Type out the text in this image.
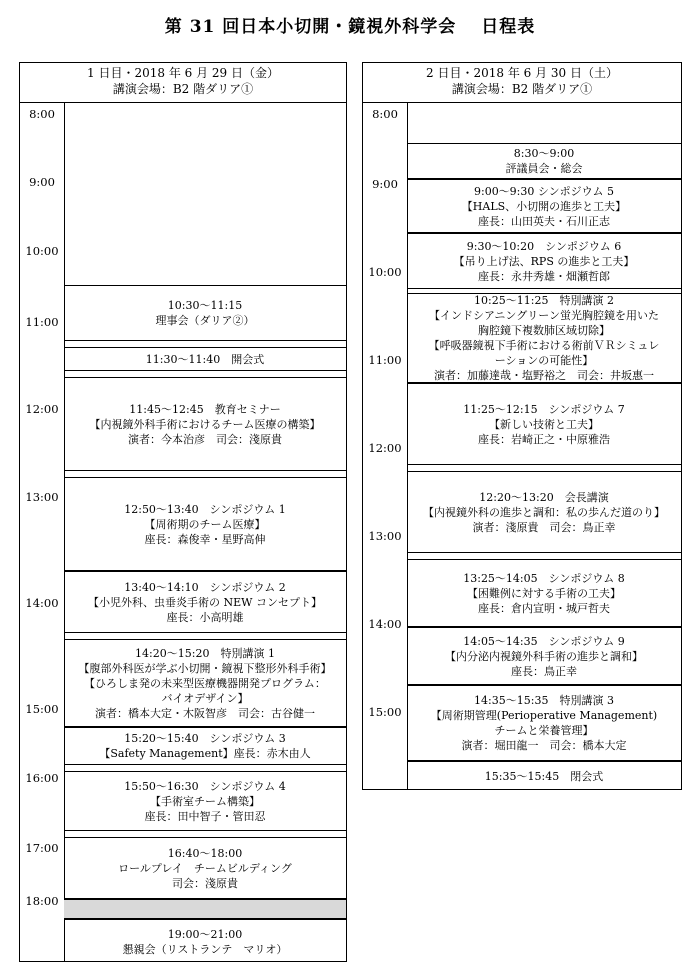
第 31 回日本小切開・鏡視外科学会　 日程表
1 日目・2018 年 6 月 29 日（金）
講演会場：B2 階ダリア①
8:00
9:00
10:00
11:00
12:00
13:00
14:00
15:00
16:00
17:00
18:00
10:30～11:15
理事会（ダリア②）
11:30～11:40　開会式
11:45～12:45　教育セミナー
【内視鏡外科手術におけるチーム医療の構築】
演者：今本治彦　司会：淺原貴
12:50～13:40　シンポジウム 1
【周術期のチーム医療】
座長：森俊幸・星野高伸
13:40～14:10　シンポジウム 2
【小児外科、虫垂炎手術の NEW コンセプト】
座長：小高明雄
14:20～15:20　特別講演 1
【腹部外科医が学ぶ小切開・鏡視下整形外科手術】
【ひろしま発の未来型医療機器開発プログラム：
バイオデザイン】
演者：橋本大定・木阪智彦　司会：古谷健一
15:20～15:40　シンポジウム 3
【Safety Management】座長：赤木由人
15:50～16:30　シンポジウム 4
【手術室チーム構築】
座長：田中智子・管田忍
16:40～18:00
ロールプレイ　チームビルディング
司会：淺原貴
19:00～21:00
懇親会（リストランテ　マリオ）
2 日目・2018 年 6 月 30 日（土）
講演会場：B2 階ダリア①
8:00
9:00
10:00
11:00
12:00
13:00
14:00
15:00
8:30～9:00
評議員会・総会
9:00～9:30 シンポジウム 5
【HALS、小切開の進歩と工夫】
座長：山田英夫・石川正志
9:30～10:20　シンポジウム 6
【吊り上げ法、RPS の進歩と工夫】
座長：永井秀雄・畑瀬哲郎
10:25～11:25　特別講演 2
【インドシアニングリーン蛍光胸腔鏡を用いた
胸腔鏡下複数肺区域切除】
【呼吸器鏡視下手術における術前ＶＲシミュレ
ーションの可能性】
演者：加藤達哉・塩野裕之　司会：井坂惠一
11:25～12:15　シンポジウム 7
【新しい技術と工夫】
座長：岩崎正之・中原雅浩
12:20～13:20　会長講演
【内視鏡外科の進歩と調和：私の歩んだ道のり】
演者：淺原貴　司会：鳥正幸
13:25～14:05　シンポジウム 8
【困難例に対する手術の工夫】
座長：倉内宣明・城戸哲夫
14:05～14:35　シンポジウム 9
【内分泌内視鏡外科手術の進歩と調和】
座長：鳥正幸
14:35～15:35　特別講演 3
【周術期管理(Perioperative Management)
チームと栄養管理】
演者：堀田龍一　司会：橋本大定
15:35～15:45　閉会式
